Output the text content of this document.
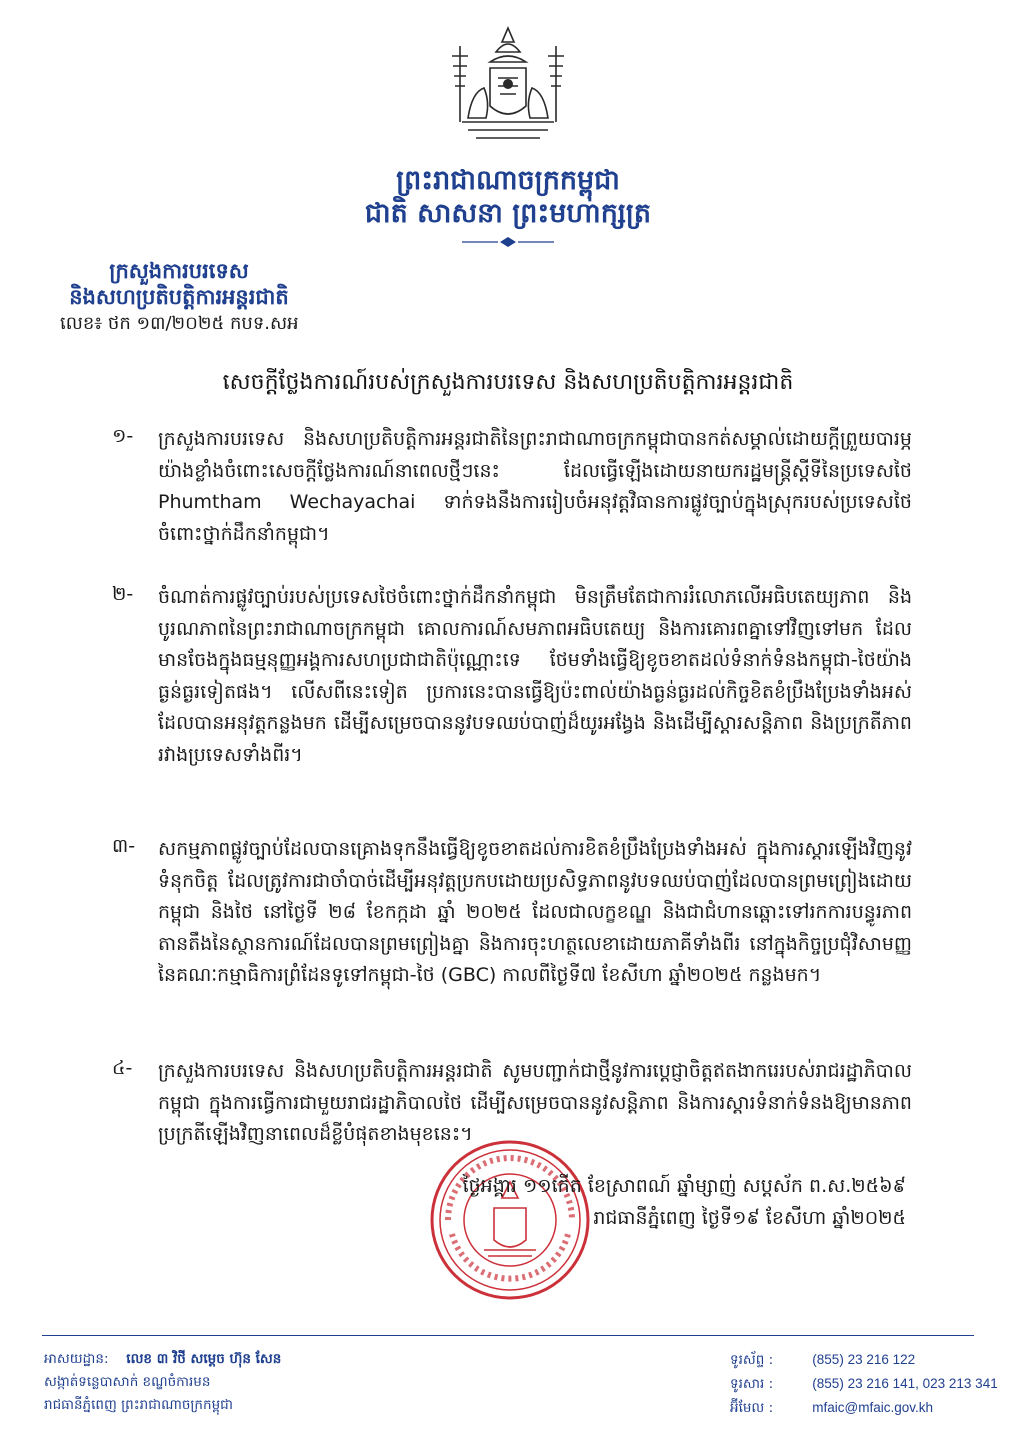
ព្រះរាជាណាចក្រកម្ពុជា
ជាតិ សាសនា ព្រះមហាក្សត្រ
ក្រសួងការបរទេស
និងសហប្រតិបត្តិការអន្តរជាតិ
លេខ៖ ថក ១៣/២០២៥ កបទ.សអ
សេចក្តីថ្លែងការណ៍របស់ក្រសួងការបរទេស និងសហប្រតិបត្តិការអន្តរជាតិ
១-	ក្រសួងការបរទេស និងសហប្រតិបត្តិការអន្តរជាតិនៃព្រះរាជាណាចក្រកម្ពុជាបានកត់សម្គាល់ដោយក្តីព្រួយបារម្ភយ៉ាងខ្លាំងចំពោះសេចក្តីថ្លែងការណ៍នាពេលថ្មីៗនេះ ដែលធ្វើឡើងដោយនាយករដ្ឋមន្រ្តីស្តីទីនៃប្រទេសថៃ Phumtham Wechayachai ទាក់ទងនឹងការរៀបចំអនុវត្តវិធានការផ្លូវច្បាប់ក្នុងស្រុករបស់ប្រទេសថៃចំពោះថ្នាក់ដឹកនាំកម្ពុជា។
២-	ចំណាត់ការផ្លូវច្បាប់របស់ប្រទេសថៃចំពោះថ្នាក់ដឹកនាំកម្ពុជា មិនត្រឹមតែជាការរំលោភលើអធិបតេយ្យភាព និងបូរណភាពនៃព្រះរាជាណាចក្រកម្ពុជា គោលការណ៍សមភាពអធិបតេយ្យ និងការគោរពគ្នាទៅវិញទៅមក ដែលមានចែងក្នុងធម្មនុញ្ញអង្គការសហប្រជាជាតិប៉ុណ្ណោះទេ ថែមទាំងធ្វើឱ្យខូចខាតដល់ទំនាក់ទំនងកម្ពុជា-ថៃយ៉ាងធ្ងន់ធ្ងរទៀតផង។ លើសពីនេះទៀត ប្រការនេះបានធ្វើឱ្យប៉ះពាល់យ៉ាងធ្ងន់ធ្ងរដល់កិច្ចខិតខំប្រឹងប្រែងទាំងអស់ដែលបានអនុវត្តកន្លងមក ដើម្បីសម្រេចបាននូវបទឈប់បាញ់ដ៏យូរអង្វែង និងដើម្បីស្តារសន្តិភាព និងប្រក្រតីភាពរវាងប្រទេសទាំងពីរ។
៣-	សកម្មភាពផ្លូវច្បាប់ដែលបានគ្រោងទុកនឹងធ្វើឱ្យខូចខាតដល់ការខិតខំប្រឹងប្រែងទាំងអស់ ក្នុងការស្តារឡើងវិញនូវទំនុកចិត្ត ដែលត្រូវការជាចាំបាច់ដើម្បីអនុវត្តប្រកបដោយប្រសិទ្ធភាពនូវបទឈប់បាញ់ដែលបានព្រមព្រៀងដោយកម្ពុជា និងថៃ នៅថ្ងៃទី ២៨ ខែកក្កដា ឆ្នាំ ២០២៥ ដែលជាលក្ខខណ្ឌ និងជាជំហានឆ្ពោះទៅរកការបន្ធូរភាពតានតឹងនៃស្ថានការណ៍ដែលបានព្រមព្រៀងគ្នា និងការចុះហត្ថលេខាដោយភាគីទាំងពីរ នៅក្នុងកិច្ចប្រជុំវិសាមញ្ញនៃគណៈកម្មាធិការព្រំដែនទូទៅកម្ពុជា-ថៃ (GBC) កាលពីថ្ងៃទី៧ ខែសីហា ឆ្នាំ២០២៥ កន្លងមក។
៤-	ក្រសួងការបរទេស និងសហប្រតិបត្តិការអន្តរជាតិ សូមបញ្ជាក់ជាថ្មីនូវការប្តេជ្ញាចិត្តឥតងាករេរបស់រាជរដ្ឋាភិបាលកម្ពុជា ក្នុងការធ្វើការជាមួយរាជរដ្ឋាភិបាលថៃ ដើម្បីសម្រេចបាននូវសន្តិភាព និងការស្តារទំនាក់ទំនងឱ្យមានភាពប្រក្រតីឡើងវិញនាពេលដ៏ខ្លីបំផុតខាងមុខនេះ។
ថ្ងៃអង្គារ ១១កើត ខែស្រាពណ៍ ឆ្នាំម្សាញ់ សប្តស័ក ព.ស.២៥៦៩
រាជធានីភ្នំពេញ ថ្ងៃទី១៩ ខែសីហា ឆ្នាំ២០២៥
អាសយដ្ឋាន: លេខ ៣ វិថី សម្តេច ហ៊ុន សែន
សង្កាត់ទន្លេបាសាក់ ខណ្ឌចំការមន
រាជធានីភ្នំពេញ ព្រះរាជាណាចក្រកម្ពុជា
ទូរស័ព្ទ :	(855) 23 216 122
ទូរសារ :	(855) 23 216 141, 023 213 341
អ៊ីមែល :	mfaic@mfaic.gov.kh
